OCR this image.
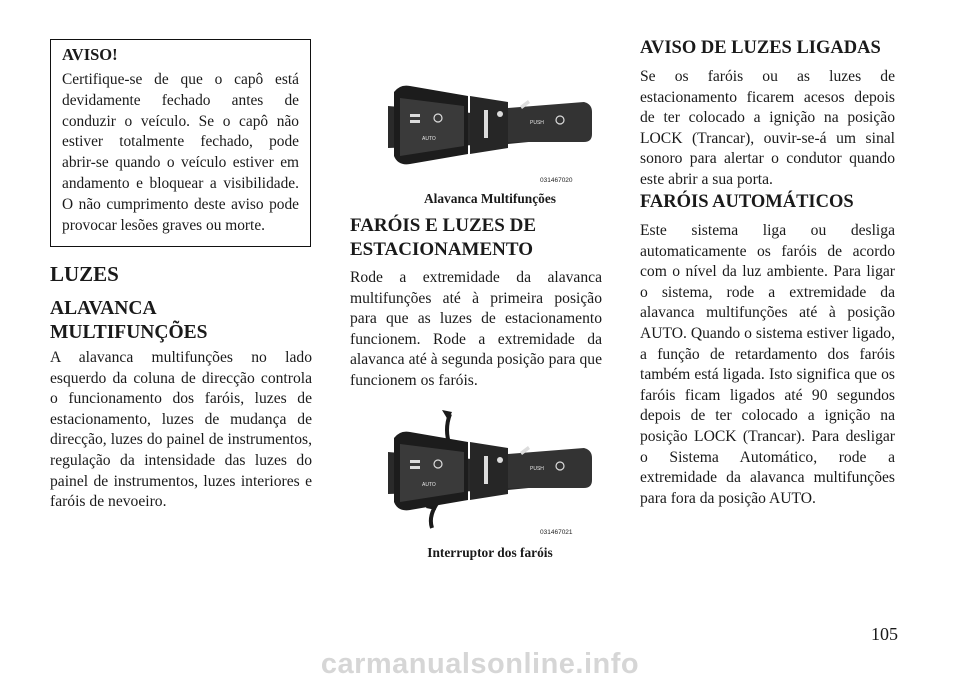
AVISO!

Certifique-se de que o capô está devidamente fechado antes de conduzir o veículo. Se o capô não estiver totalmente fechado, pode abrir-se quando o veículo estiver em andamento e bloquear a visibilidade. O não cumprimento deste aviso pode provocar lesões graves ou morte.

LUZES
ALAVANCA MULTIFUNÇÕES

A alavanca multifunções no lado esquerdo da coluna de direcção controla o funcionamento dos faróis, luzes de estacionamento, luzes de mudança de direcção, luzes do painel de instrumentos, regulação da intensidade das luzes do painel de instrumentos, luzes interiores e faróis de nevoeiro.

AUTO
PUSH
031467020
Alavanca Multifunções
FARÓIS E LUZES DE ESTACIONAMENTO

Rode a extremidade da alavanca multifunções até à primeira posição para que as luzes de estacionamento funcionem. Rode a extremidade da alavanca até à segunda posição para que funcionem os faróis.

AUTO
PUSH
031467021
Interruptor dos faróis
AVISO DE LUZES LIGADAS

Se os faróis ou as luzes de estacionamento ficarem acesos depois de ter colocado a ignição na posição LOCK (Trancar), ouvir-se-á um sinal sonoro para alertar o condutor quando este abrir a sua porta.

FARÓIS AUTOMÁTICOS

Este sistema liga ou desliga automaticamente os faróis de acordo com o nível da luz ambiente. Para ligar o sistema, rode a extremidade da alavanca multifunções até à posição AUTO. Quando o sistema estiver ligado, a função de retardamento dos faróis também está ligada. Isto significa que os faróis ficam ligados até 90 segundos depois de ter colocado a ignição na posição LOCK (Trancar). Para desligar o Sistema Automático, rode a extremidade da alavanca multifunções para fora da posição AUTO.

105
carmanualsonline.info
